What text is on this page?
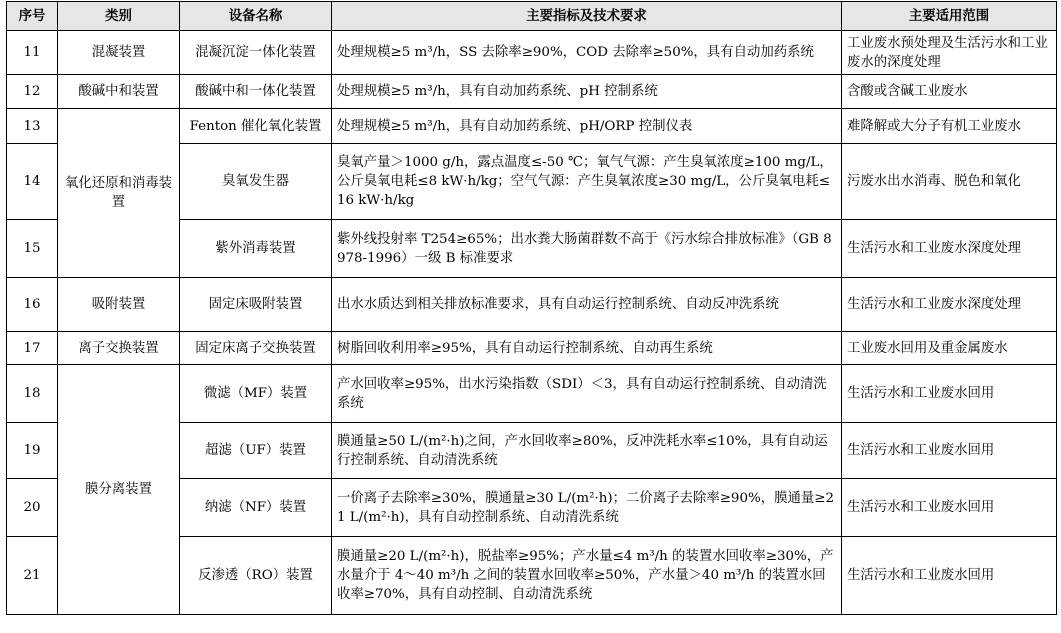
序号	类别	设备名称	主要指标及技术要求	主要适用范围
11	混凝装置	混凝沉淀一体化装置	处理规模≥5 m³/h，SS 去除率≥90%，COD 去除率≥50%，具有自动加药系统	工业废水预处理及生活污水和工业废水的深度处理
12	酸碱中和装置	酸碱中和一体化装置	处理规模≥5 m³/h，具有自动加药系统、pH 控制系统	含酸或含碱工业废水
13	氧化还原和消毒装置	Fenton 催化氧化装置	处理规模≥5 m³/h，具有自动加药系统、pH/ORP 控制仪表	难降解或大分子有机工业废水
14		臭氧发生器	臭氧产量＞1000 g/h，露点温度≤-50 ℃；氧气气源：产生臭氧浓度≥100 mg/L，公斤臭氧电耗≤8 kW·h/kg；空气气源：产生臭氧浓度≥30 mg/L，公斤臭氧电耗≤16 kW·h/kg	污废水出水消毒、脱色和氧化
15		紫外消毒装置	紫外线投射率 T254≥65%；出水粪大肠菌群数不高于《污水综合排放标准》（GB 8978-1996）一级 B 标准要求	生活污水和工业废水深度处理
16	吸附装置	固定床吸附装置	出水水质达到相关排放标准要求，具有自动运行控制系统、自动反冲洗系统	生活污水和工业废水深度处理
17	离子交换装置	固定床离子交换装置	树脂回收利用率≥95%，具有自动运行控制系统、自动再生系统	工业废水回用及重金属废水
18	膜分离装置	微滤（MF）装置	产水回收率≥95%，出水污染指数（SDI）＜3，具有自动运行控制系统、自动清洗系统	生活污水和工业废水回用
19		超滤（UF）装置	膜通量≥50 L/(m²·h)之间，产水回收率≥80%，反冲洗耗水率≤10%，具有自动运行控制系统、自动清洗系统	生活污水和工业废水回用
20		纳滤（NF）装置	一价离子去除率≥30%，膜通量≥30 L/(m²·h)；二价离子去除率≥90%，膜通量≥21 L/(m²·h)，具有自动控制系统、自动清洗系统	生活污水和工业废水回用
21		反渗透（RO）装置	膜通量≥20 L/(m²·h)，脱盐率≥95%；产水量≤4 m³/h 的装置水回收率≥30%，产水量介于 4～40 m³/h 之间的装置水回收率≥50%，产水量＞40 m³/h 的装置水回收率≥70%，具有自动控制、自动清洗系统	生活污水和工业废水回用
